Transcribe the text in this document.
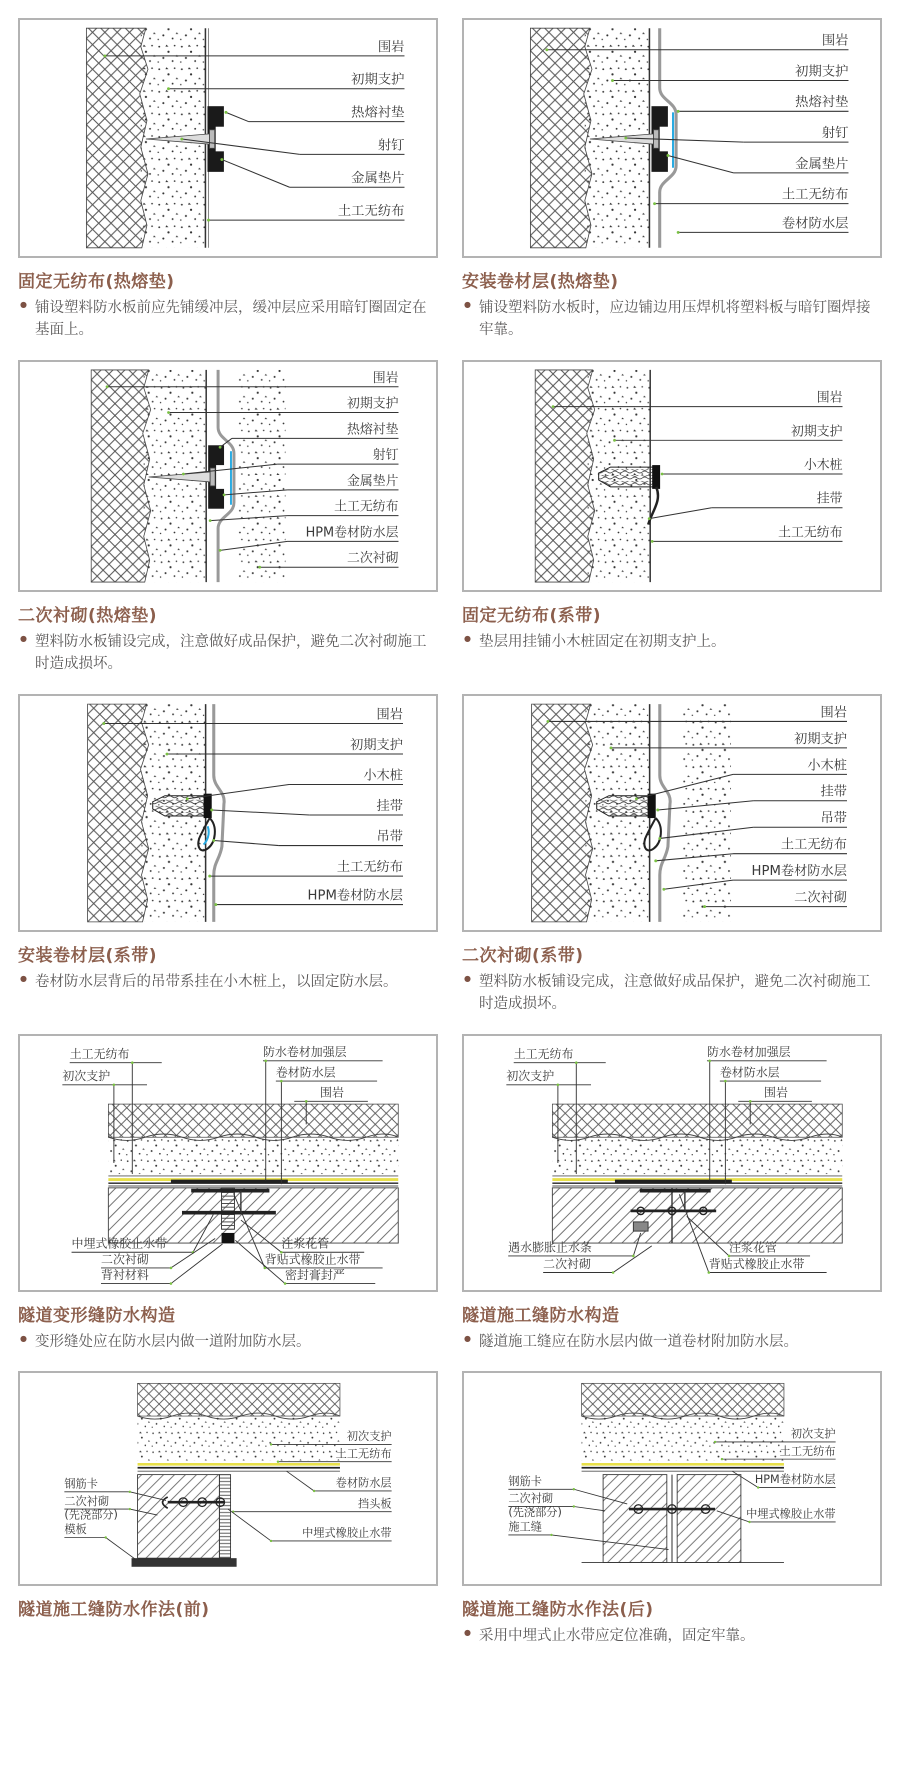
围岩
初期支护
热熔衬垫
射钉
金属垫片
土工无纺布
固定无纺布(热熔垫)
● 铺设塑料防水板前应先铺缓冲层，缓冲层应采用暗钉圈固定在基面上。
围岩
初期支护
热熔衬垫
射钉
金属垫片
土工无纺布
卷材防水层
安装卷材层(热熔垫)
● 铺设塑料防水板时，应边铺边用压焊机将塑料板与暗钉圈焊接牢靠。
围岩
初期支护
热熔衬垫
射钉
金属垫片
土工无纺布
HPM卷材防水层
二次衬砌
二次衬砌(热熔垫)
● 塑料防水板铺设完成，注意做好成品保护，避免二次衬砌施工时造成损坏。
围岩
初期支护
小木桩
挂带
土工无纺布
固定无纺布(系带)
● 垫层用挂铺小木桩固定在初期支护上。
围岩
初期支护
小木桩
挂带
吊带
土工无纺布
HPM卷材防水层
安装卷材层(系带)
● 卷材防水层背后的吊带系挂在小木桩上，以固定防水层。
围岩
初期支护
小木桩
挂带
吊带
土工无纺布
HPM卷材防水层
二次衬砌
二次衬砌(系带)
● 塑料防水板铺设完成，注意做好成品保护，避免二次衬砌施工时造成损坏。
土工无纺布
初次支护
防水卷材加强层
卷材防水层
围岩
中埋式橡胶止水带
二次衬砌
背衬材料
注浆花管
背贴式橡胶止水带
密封膏封严
隧道变形缝防水构造
● 变形缝处应在防水层内做一道附加防水层。
土工无纺布
初次支护
防水卷材加强层
卷材防水层
围岩
遇水膨胀止水条
二次衬砌
注浆花管
背贴式橡胶止水带
隧道施工缝防水构造
● 隧道施工缝应在防水层内做一道卷材附加防水层。
初次支护
土工无纺布
卷材防水层
挡头板
中埋式橡胶止水带
钢筋卡
二次衬砌
(先浇部分)
模板
隧道施工缝防水作法(前)
初次支护
土工无纺布
HPM卷材防水层
中埋式橡胶止水带
钢筋卡
二次衬砌
(先浇部分)
施工缝
隧道施工缝防水作法(后)
● 采用中埋式止水带应定位准确，固定牢靠。
